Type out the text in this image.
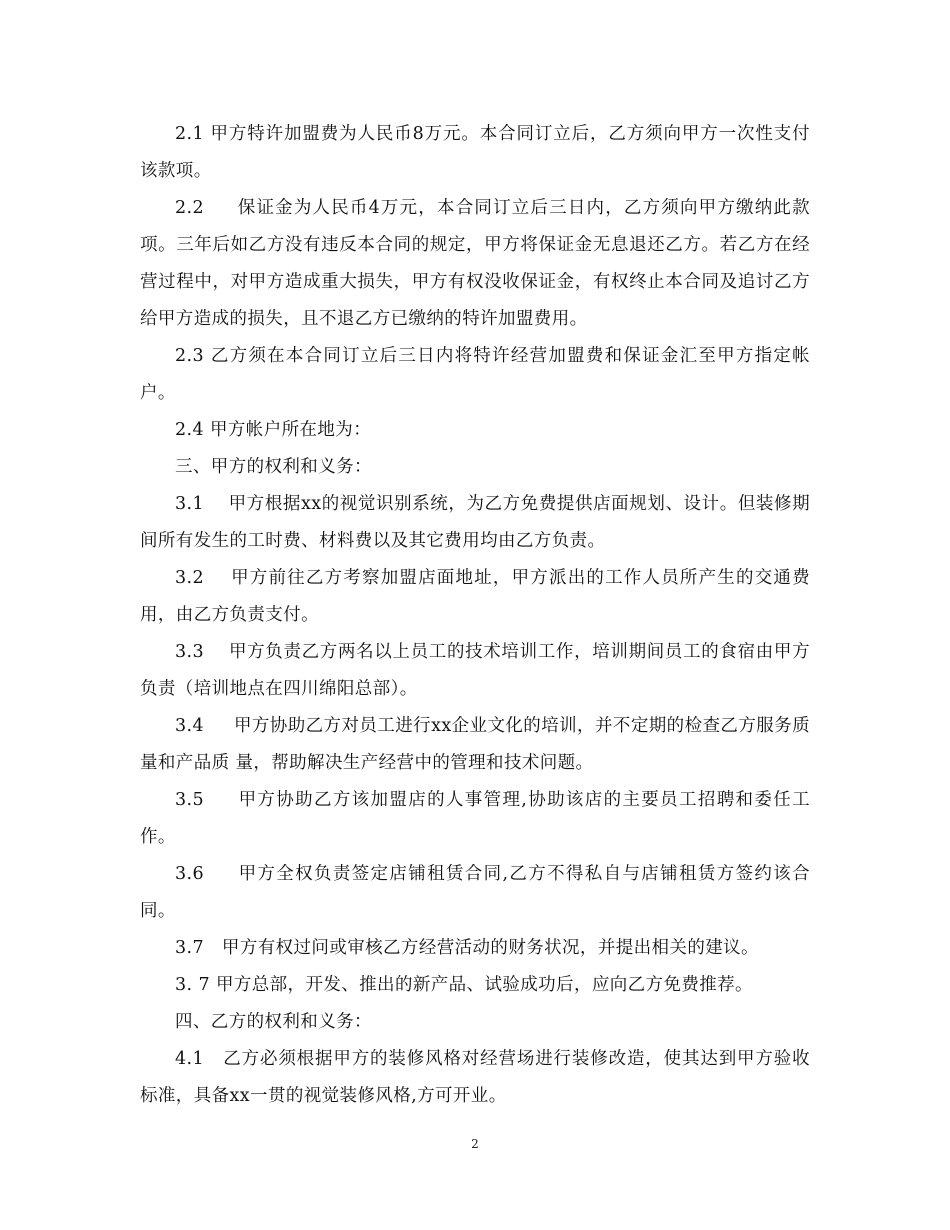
2.1 甲方特许加盟费为人民币8万元。本合同订立后，乙方须向甲方一次性支付该款项。

2.2     保证金为人民币4万元，本合同订立后三日内，乙方须向甲方缴纳此款项。三年后如乙方没有违反本合同的规定，甲方将保证金无息退还乙方。若乙方在经营过程中，对甲方造成重大损失，甲方有权没收保证金，有权终止本合同及追讨乙方给甲方造成的损失，且不退乙方已缴纳的特许加盟费用。

2.3 乙方须在本合同订立后三日内将特许经营加盟费和保证金汇至甲方指定帐户。

2.4 甲方帐户所在地为：

三、甲方的权利和义务：

3.1    甲方根据xx的视觉识别系统，为乙方免费提供店面规划、设计。但装修期间所有发生的工时费、材料费以及其它费用均由乙方负责。

3.2    甲方前往乙方考察加盟店面地址，甲方派出的工作人员所产生的交通费用，由乙方负责支付。

3.3    甲方负责乙方两名以上员工的技术培训工作，培训期间员工的食宿由甲方负责（培训地点在四川绵阳总部）。

3.4     甲方协助乙方对员工进行xx企业文化的培训，并不定期的检查乙方服务质量和产品质 量，帮助解决生产经营中的管理和技术问题。

3.5     甲方协助乙方该加盟店的人事管理,协助该店的主要员工招聘和委任工作。

3.6     甲方全权负责签定店铺租赁合同,乙方不得私自与店铺租赁方签约该合同。

3.7   甲方有权过问或审核乙方经营活动的财务状况，并提出相关的建议。

3. 7 甲方总部，开发、推出的新产品、试验成功后，应向乙方免费推荐。

四、乙方的权利和义务：

4.1   乙方必须根据甲方的装修风格对经营场进行装修改造，使其达到甲方验收标准，具备xx一贯的视觉装修风格,方可开业。

2
